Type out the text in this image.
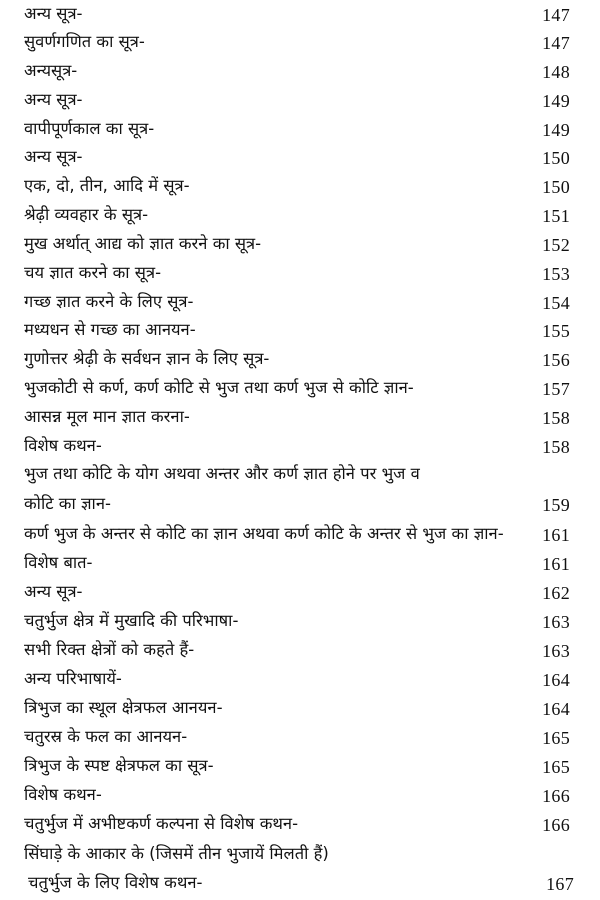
अन्य सूत्र-	147
सुवर्णगणित का सूत्र-	147
अन्यसूत्र-	148
अन्य सूत्र-	149
वापीपूर्णकाल का सूत्र-	149
अन्य सूत्र-	150
एक, दो, तीन, आदि में सूत्र-	150
श्रेढ़ी व्यवहार के सूत्र-	151
मुख अर्थात् आद्य को ज्ञात करने का सूत्र-	152
चय ज्ञात करने का सूत्र-	153
गच्छ ज्ञात करने के लिए सूत्र-	154
मध्यधन से गच्छ का आनयन-	155
गुणोत्तर श्रेढ़ी के सर्वधन ज्ञान के लिए सूत्र-	156
भुजकोटी से कर्ण, कर्ण कोटि से भुज तथा कर्ण भुज से कोटि ज्ञान-	157
आसन्न मूल मान ज्ञात करना-	158
विशेष कथन-	158
भुज तथा कोटि के योग अथवा अन्तर और कर्ण ज्ञात होने पर भुज व
कोटि का ज्ञान-	159
कर्ण भुज के अन्तर से कोटि का ज्ञान अथवा कर्ण कोटि के अन्तर से भुज का ज्ञान-	161
विशेष बात-	161
अन्य सूत्र-	162
चतुर्भुज क्षेत्र में मुखादि की परिभाषा-	163
सभी रिक्त क्षेत्रों को कहते हैं-	163
अन्य परिभाषायें-	164
त्रिभुज का स्थूल क्षेत्रफल आनयन-	164
चतुरस्र के फल का आनयन-	165
त्रिभुज के स्पष्ट क्षेत्रफल का सूत्र-	165
विशेष कथन-	166
चतुर्भुज में अभीष्टकर्ण कल्पना से विशेष कथन-	166
सिंघाड़े के आकार के (जिसमें तीन भुजायें मिलती हैं)
चतुर्भुज के लिए विशेष कथन-	167
